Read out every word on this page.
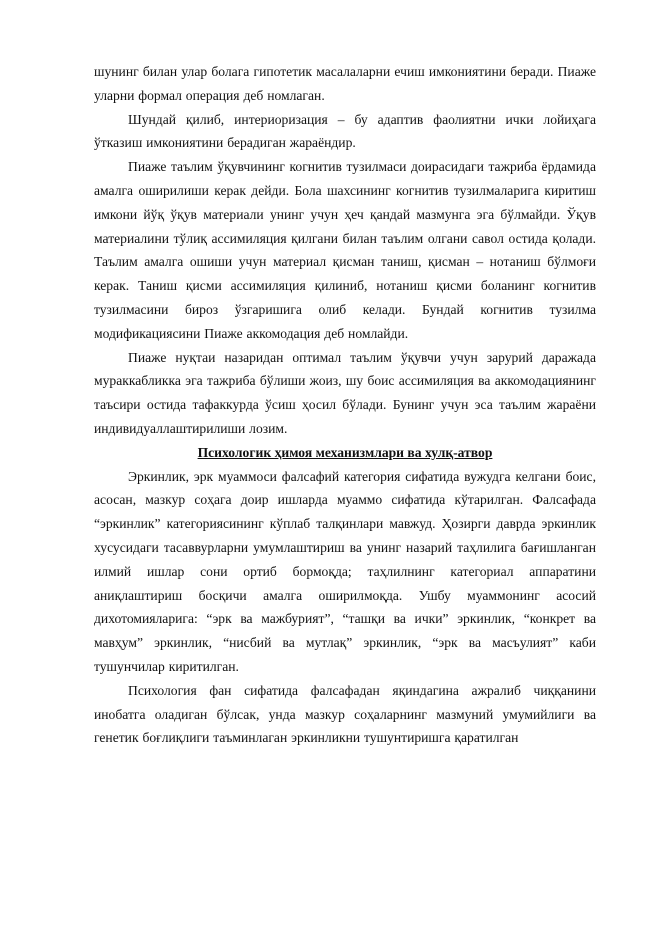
шунинг билан улар болага гипотетик масалаларни ечиш имкониятини беради. Пиаже уларни формал операция деб номлаган.

Шундай қилиб, интериоризация – бу адаптив фаолиятни ички лойиҳага ўтказиш имкониятини берадиган жараёндир.

Пиаже таълим ўқувчининг когнитив тузилмаси доирасидаги тажриба ёрдамида амалга оширилиши керак дейди. Бола шахсининг когнитив тузилмаларига киритиш имкони йўқ ўқув материали унинг учун ҳеч қандай мазмунга эга бўлмайди. Ўқув материалини тўлиқ ассимиляция қилгани билан таълим олгани савол остида қолади. Таълим амалга ошиши учун материал қисман таниш, қисман – нотаниш бўлмоғи керак. Таниш қисми ассимиляция қилиниб, нотаниш қисми боланинг когнитив тузилмасини бироз ўзгаришига олиб келади. Бундай когнитив тузилма модификациясини Пиаже аккомодация деб номлайди.

Пиаже нуқтаи назаридан оптимал таълим ўқувчи учун зарурий даражада мураккабликка эга тажриба бўлиши жоиз, шу боис ассимиляция ва аккомодациянинг таъсири остида тафаккурда ўсиш ҳосил бўлади. Бунинг учун эса таълим жараёни индивидуаллаштирилиши лозим.

Психологик ҳимоя механизмлари ва хулқ-атвор

Эркинлик, эрк муаммоси фалсафий категория сифатида вужудга келгани боис, асосан, мазкур соҳага доир ишларда муаммо сифатида кўтарилган. Фалсафада “эркинлик” категориясининг кўплаб талқинлари мавжуд. Ҳозирги даврда эркинлик хусусидаги тасаввурларни умумлаштириш ва унинг назарий таҳлилига бағишланган илмий ишлар сони ортиб бормоқда; таҳлилнинг категориал аппаратини аниқлаштириш босқичи амалга оширилмоқда. Ушбу муаммонинг асосий дихотомияларига: “эрк ва мажбурият”, “ташқи ва ички” эркинлик, “конкрет ва мавҳум” эркинлик, “нисбий ва мутлақ” эркинлик, “эрк ва масъулият” каби тушунчилар киритилган.

Психология фан сифатида фалсафадан яқиндагина ажралиб чиққанини инобатга оладиган бўлсак, унда мазкур соҳаларнинг мазмуний умумийлиги ва генетик боғлиқлиги таъминлаган эркинликни тушунтиришга қаратилган
